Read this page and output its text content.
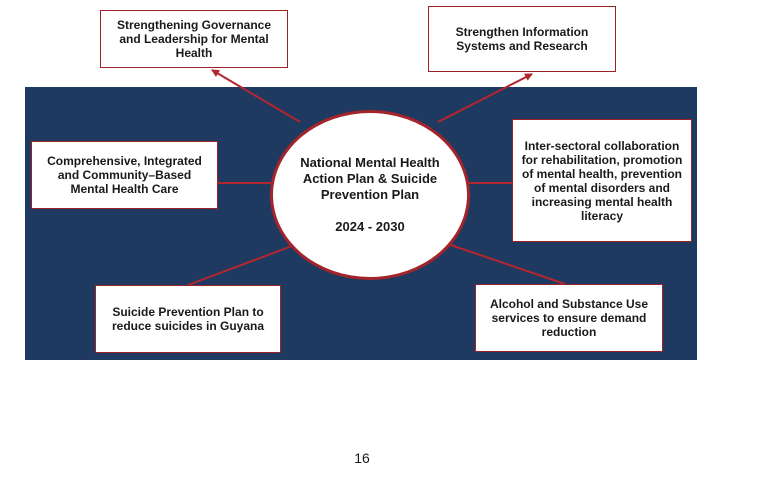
Strengthening Governance and Leadership for Mental Health
Strengthen Information Systems and Research
Comprehensive, Integrated and Community–Based Mental Health Care
Inter-sectoral collaboration for rehabilitation, promotion of mental health, prevention of mental disorders and increasing mental health literacy
Suicide Prevention Plan to reduce suicides in Guyana
Alcohol and Substance Use services to ensure demand reduction
National Mental Health Action Plan & Suicide Prevention Plan
2024 - 2030
16
